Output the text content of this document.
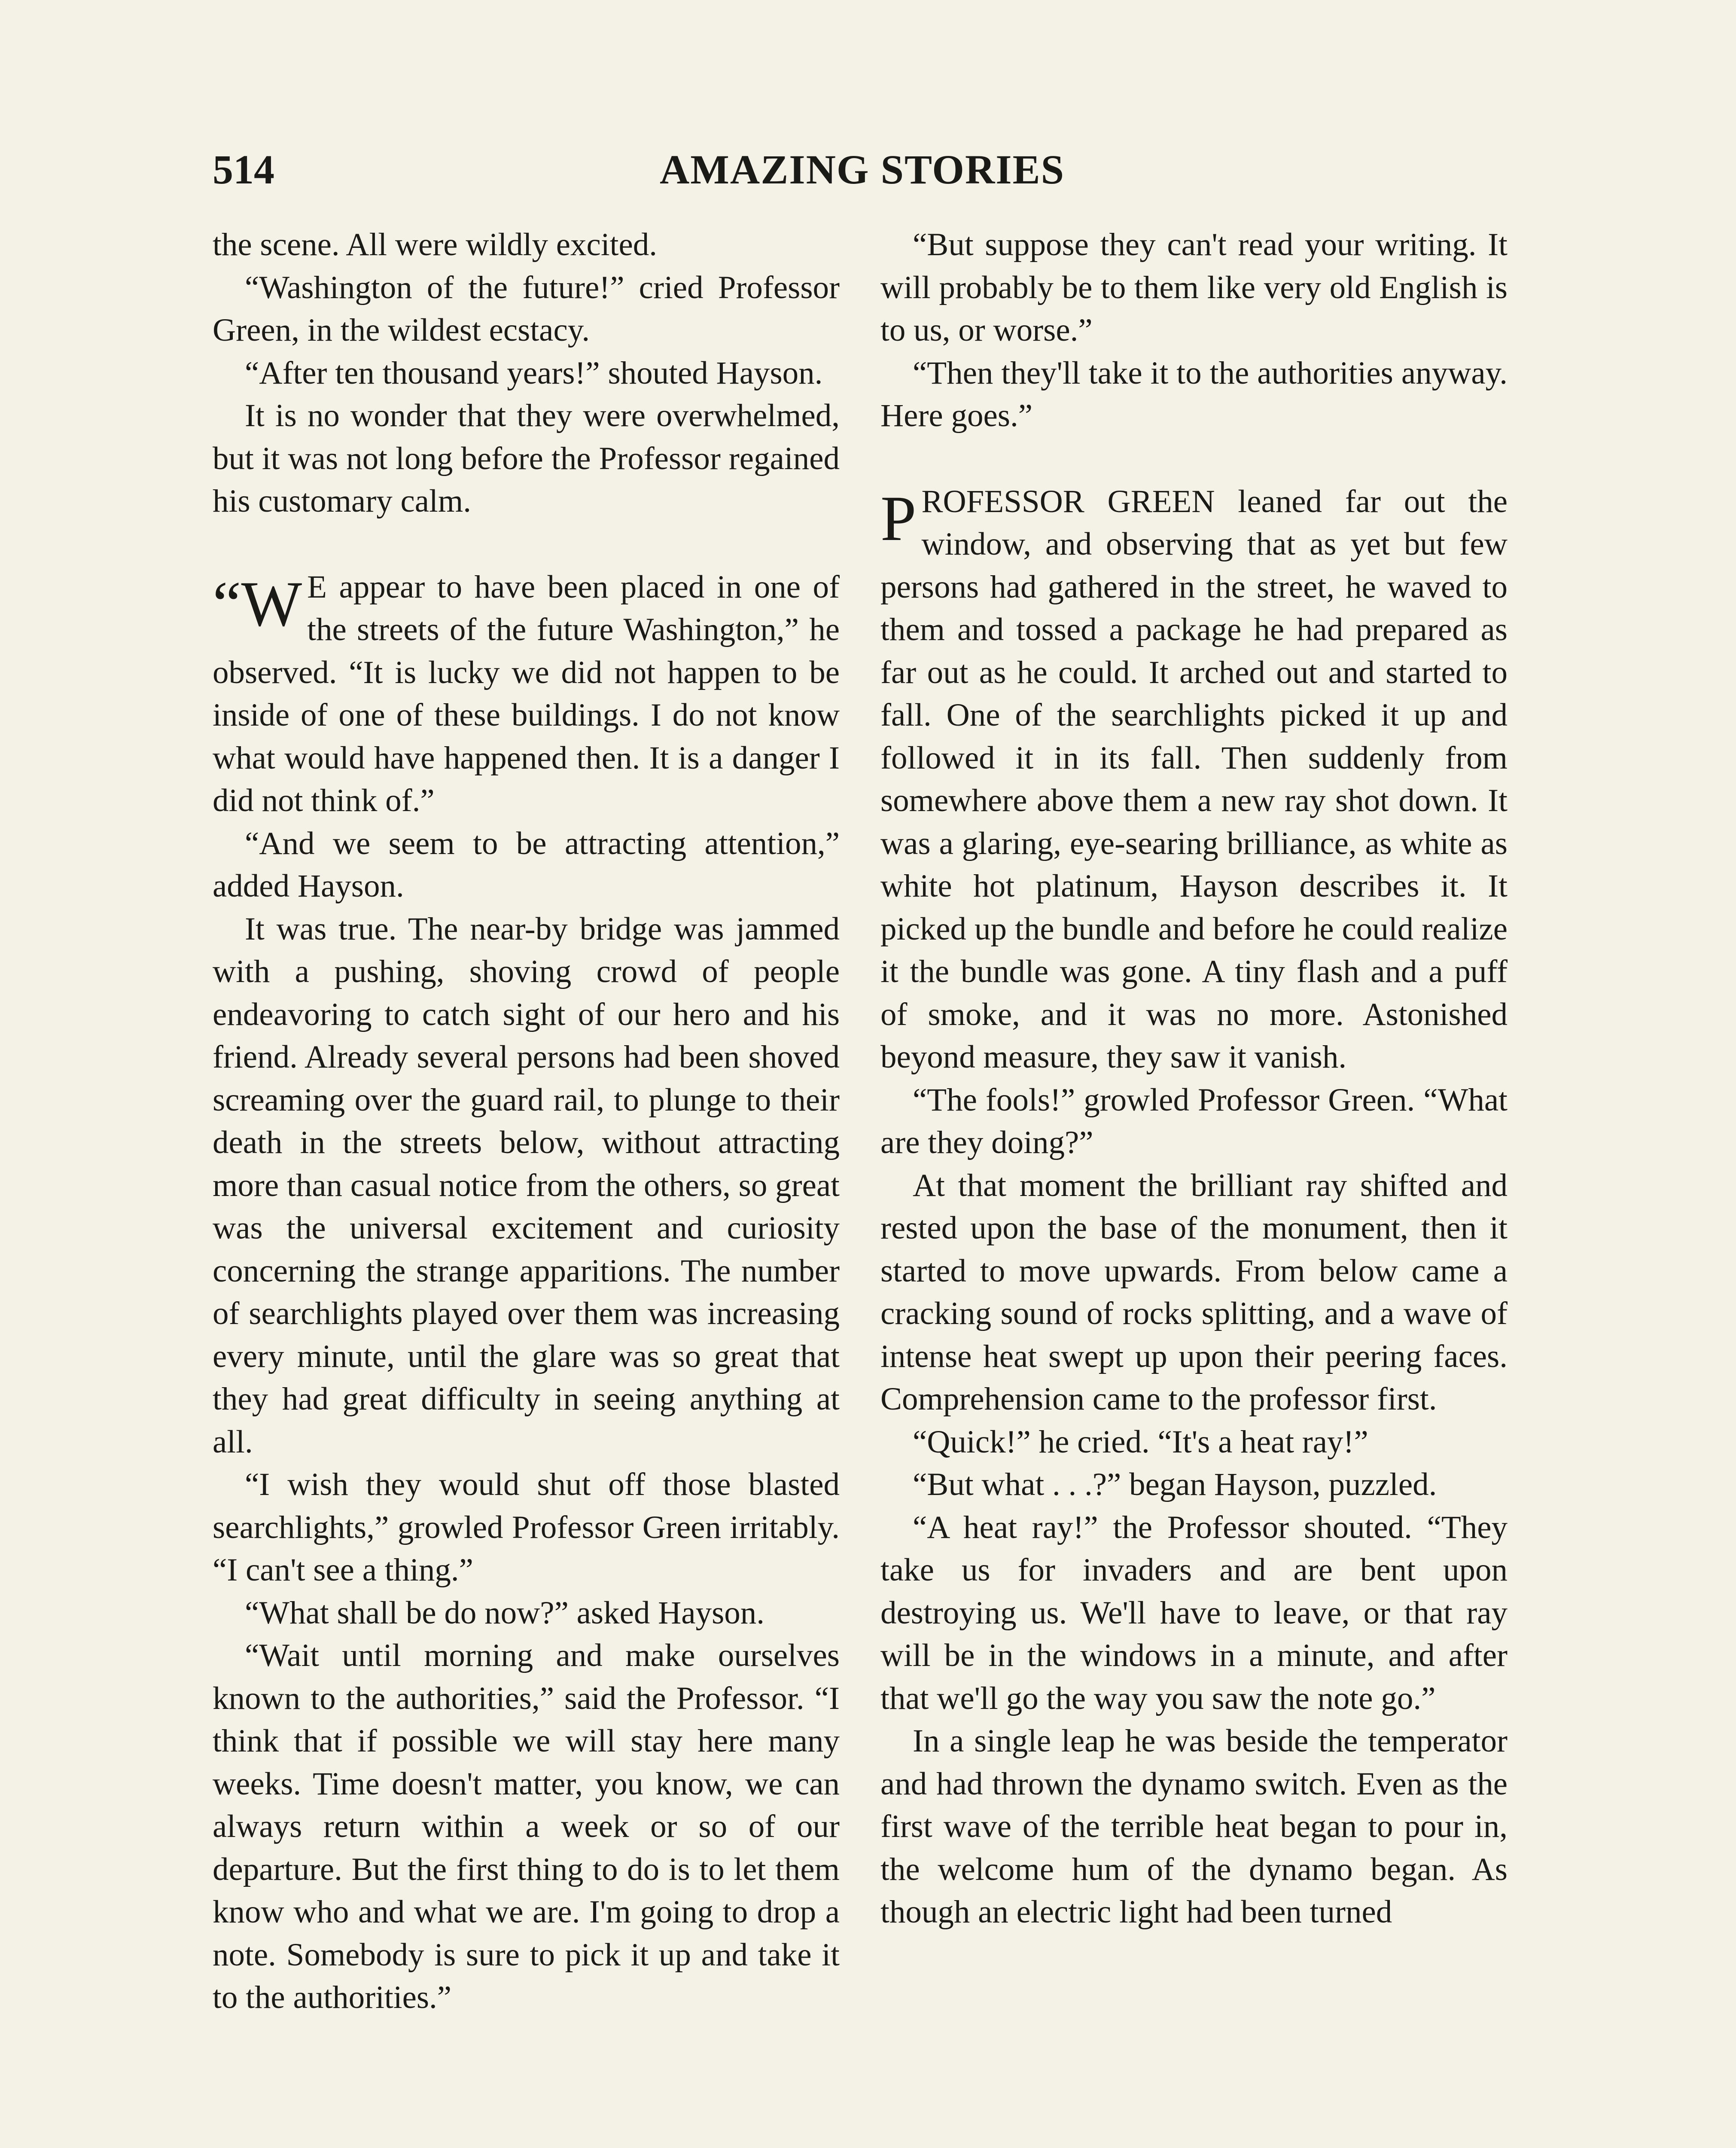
514	AMAZING STORIES

the scene. All were wildly excited.

“Washington of the future!” cried Professor Green, in the wildest ecstacy.

“After ten thousand years!” shouted Hayson.

It is no wonder that they were overwhelmed, but it was not long before the Professor regained his customary calm.

“W E appear to have been placed in one of the streets of the future Washington,” he observed. “It is lucky we did not happen to be inside of one of these buildings. I do not know what would have happened then. It is a danger I did not think of.”

“And we seem to be attracting attention,” added Hayson.

It was true. The near-by bridge was jammed with a pushing, shoving crowd of people endeavoring to catch sight of our hero and his friend. Already several persons had been shoved screaming over the guard rail, to plunge to their death in the streets below, without attracting more than casual notice from the others, so great was the universal excitement and curiosity concerning the strange apparitions. The number of searchlights played over them was increasing every minute, until the glare was so great that they had great difficulty in seeing anything at all.

“I wish they would shut off those blasted searchlights,” growled Professor Green irritably. “I can't see a thing.”

“What shall be do now?” asked Hayson.

“Wait until morning and make ourselves known to the authorities,” said the Professor. “I think that if possible we will stay here many weeks. Time doesn't matter, you know, we can always return within a week or so of our departure. But the first thing to do is to let them know who and what we are. I'm going to drop a note. Somebody is sure to pick it up and take it to the authorities.”

“But suppose they can't read your writing. It will probably be to them like very old English is to us, or worse.”

“Then they'll take it to the authorities anyway. Here goes.”

PROFESSOR GREEN leaned far out the window, and observing that as yet but few persons had gathered in the street, he waved to them and tossed a package he had prepared as far out as he could. It arched out and started to fall. One of the searchlights picked it up and followed it in its fall. Then suddenly from somewhere above them a new ray shot down. It was a glaring, eye-searing brilliance, as white as white hot platinum, Hayson describes it. It picked up the bundle and before he could realize it the bundle was gone. A tiny flash and a puff of smoke, and it was no more. Astonished beyond measure, they saw it vanish.

“The fools!” growled Professor Green. “What are they doing?”

At that moment the brilliant ray shifted and rested upon the base of the monument, then it started to move upwards. From below came a cracking sound of rocks splitting, and a wave of intense heat swept up upon their peering faces. Comprehension came to the professor first.

“Quick!” he cried. “It's a heat ray!”

“But what . . .?” began Hayson, puzzled.

“A heat ray!” the Professor shouted. “They take us for invaders and are bent upon destroying us. We'll have to leave, or that ray will be in the windows in a minute, and after that we'll go the way you saw the note go.”

In a single leap he was beside the temperator and had thrown the dynamo switch. Even as the first wave of the terrible heat began to pour in, the welcome hum of the dynamo began. As though an electric light had been turned
